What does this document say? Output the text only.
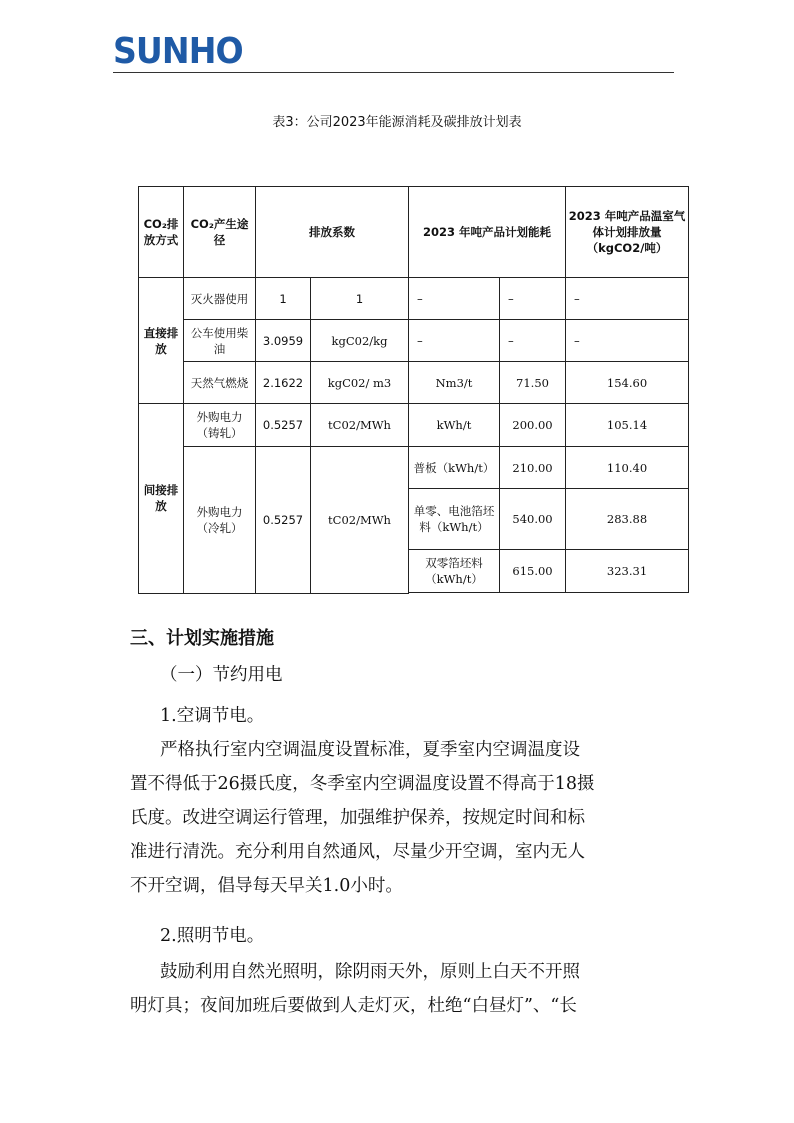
SUNHO
表3：公司2023年能源消耗及碳排放计划表
CO₂排放方式	CO₂产生途径	排放系数		2023 年吨产品计划能耗		2023 年吨产品温室气体计划排放量（kgCO2/吨）
直接排放	灭火器使用	1	1	–	–	–
	公车使用柴油	3.0959	kgC02/kg	–	–	–
	天然气燃烧	2.1622	kgC02/ m3	Nm3/t	71.50	154.60
间接排放	外购电力（铸轧）	0.5257	tC02/MWh	kWh/t	200.00	105.14
	外购电力（冷轧）	0.5257	tC02/MWh	普板（kWh/t）	210.00	110.40
				单零、电池箔坯料（kWh/t）	540.00	283.88
				双零箔坯料（kWh/t）	615.00	323.31

三、计划实施措施
（一）节约用电
1.空调节电。
严格执行室内空调温度设置标准，夏季室内空调温度设
置不得低于26摄氏度，冬季室内空调温度设置不得高于18摄
氏度。改进空调运行管理，加强维护保养，按规定时间和标
准进行清洗。充分利用自然通风，尽量少开空调，室内无人
不开空调，倡导每天早关1.0小时。
2.照明节电。
鼓励利用自然光照明，除阴雨天外，原则上白天不开照
明灯具；夜间加班后要做到人走灯灭，杜绝“白昼灯”、“长
